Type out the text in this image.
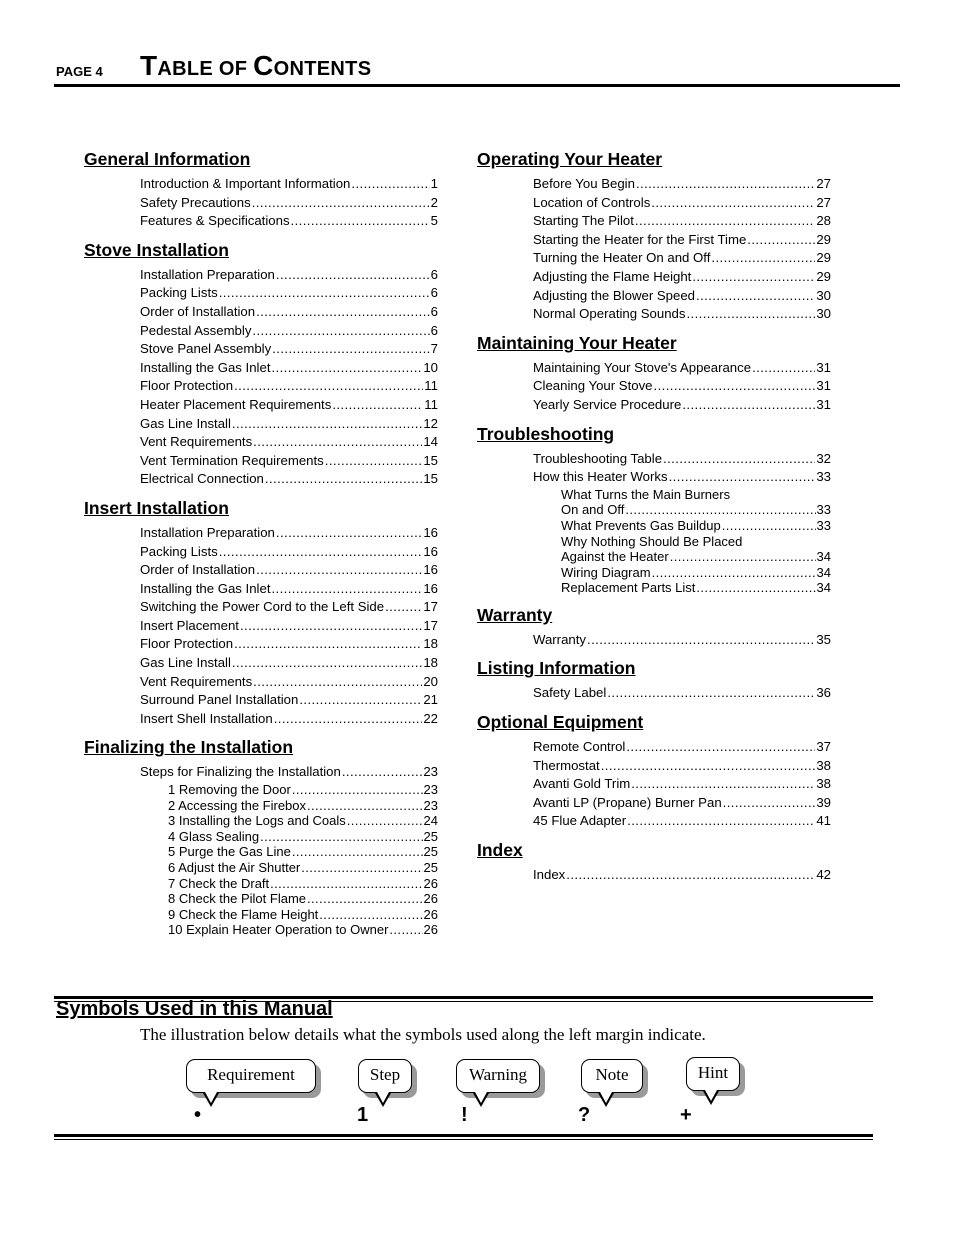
PAGE 4 TABLE OF CONTENTS
General Information
Introduction & Important Information .....	1
Safety Precautions .....	2
Features & Specifications .....	5
Stove Installation
Installation Preparation .....	6
Packing Lists .....	6
Order of Installation .....	6
Pedestal Assembly .....	6
Stove Panel Assembly .....	7
Installing the Gas Inlet .....	10
Floor Protection .....	11
Heater Placement Requirements .....	11
Gas Line Install .....	12
Vent Requirements .....	14
Vent Termination Requirements .....	15
Electrical Connection .....	15
Insert Installation
Installation Preparation .....	16
Packing Lists .....	16
Order of Installation .....	16
Installing the Gas Inlet .....	16
Switching the Power Cord to the Left Side .....	17
Insert Placement .....	17
Floor Protection .....	18
Gas Line Install .....	18
Vent Requirements .....	20
Surround Panel Installation .....	21
Insert Shell Installation .....	22
Finalizing the Installation
Steps for Finalizing the Installation .....	23
1 Removing the Door .....	23
2 Accessing the Firebox .....	23
3 Installing the Logs and Coals .....	24
4 Glass Sealing .....	25
5 Purge the Gas Line .....	25
6 Adjust the Air Shutter .....	25
7 Check the Draft .....	26
8 Check the Pilot Flame .....	26
9 Check the Flame Height .....	26
10 Explain Heater Operation to Owner .....	26
Operating Your Heater
Before You Begin .....	27
Location of Controls .....	27
Starting The Pilot .....	28
Starting the Heater for the First Time .....	29
Turning the Heater On and Off .....	29
Adjusting the Flame Height .....	29
Adjusting the Blower Speed .....	30
Normal Operating Sounds .....	30
Maintaining Your Heater
Maintaining Your Stove's Appearance .....	31
Cleaning Your Stove .....	31
Yearly Service Procedure .....	31
Troubleshooting
Troubleshooting Table .....	32
How this Heater Works .....	33
What Turns the Main Burners
On and Off .....	33
What Prevents Gas Buildup .....	33
Why Nothing Should Be Placed
Against the Heater .....	34
Wiring Diagram .....	34
Replacement Parts List .....	34
Warranty
Warranty .....	35
Listing Information
Safety Label .....	36
Optional Equipment
Remote Control .....	37
Thermostat .....	38
Avanti Gold Trim .....	38
Avanti LP (Propane) Burner Pan .....	39
45 Flue Adapter .....	41
Index
Index .....	42
Symbols Used in this Manual
The illustration below details what the symbols used along the left margin indicate.
Requirement	Step	Warning	Note	Hint
•	1	!	?	+
